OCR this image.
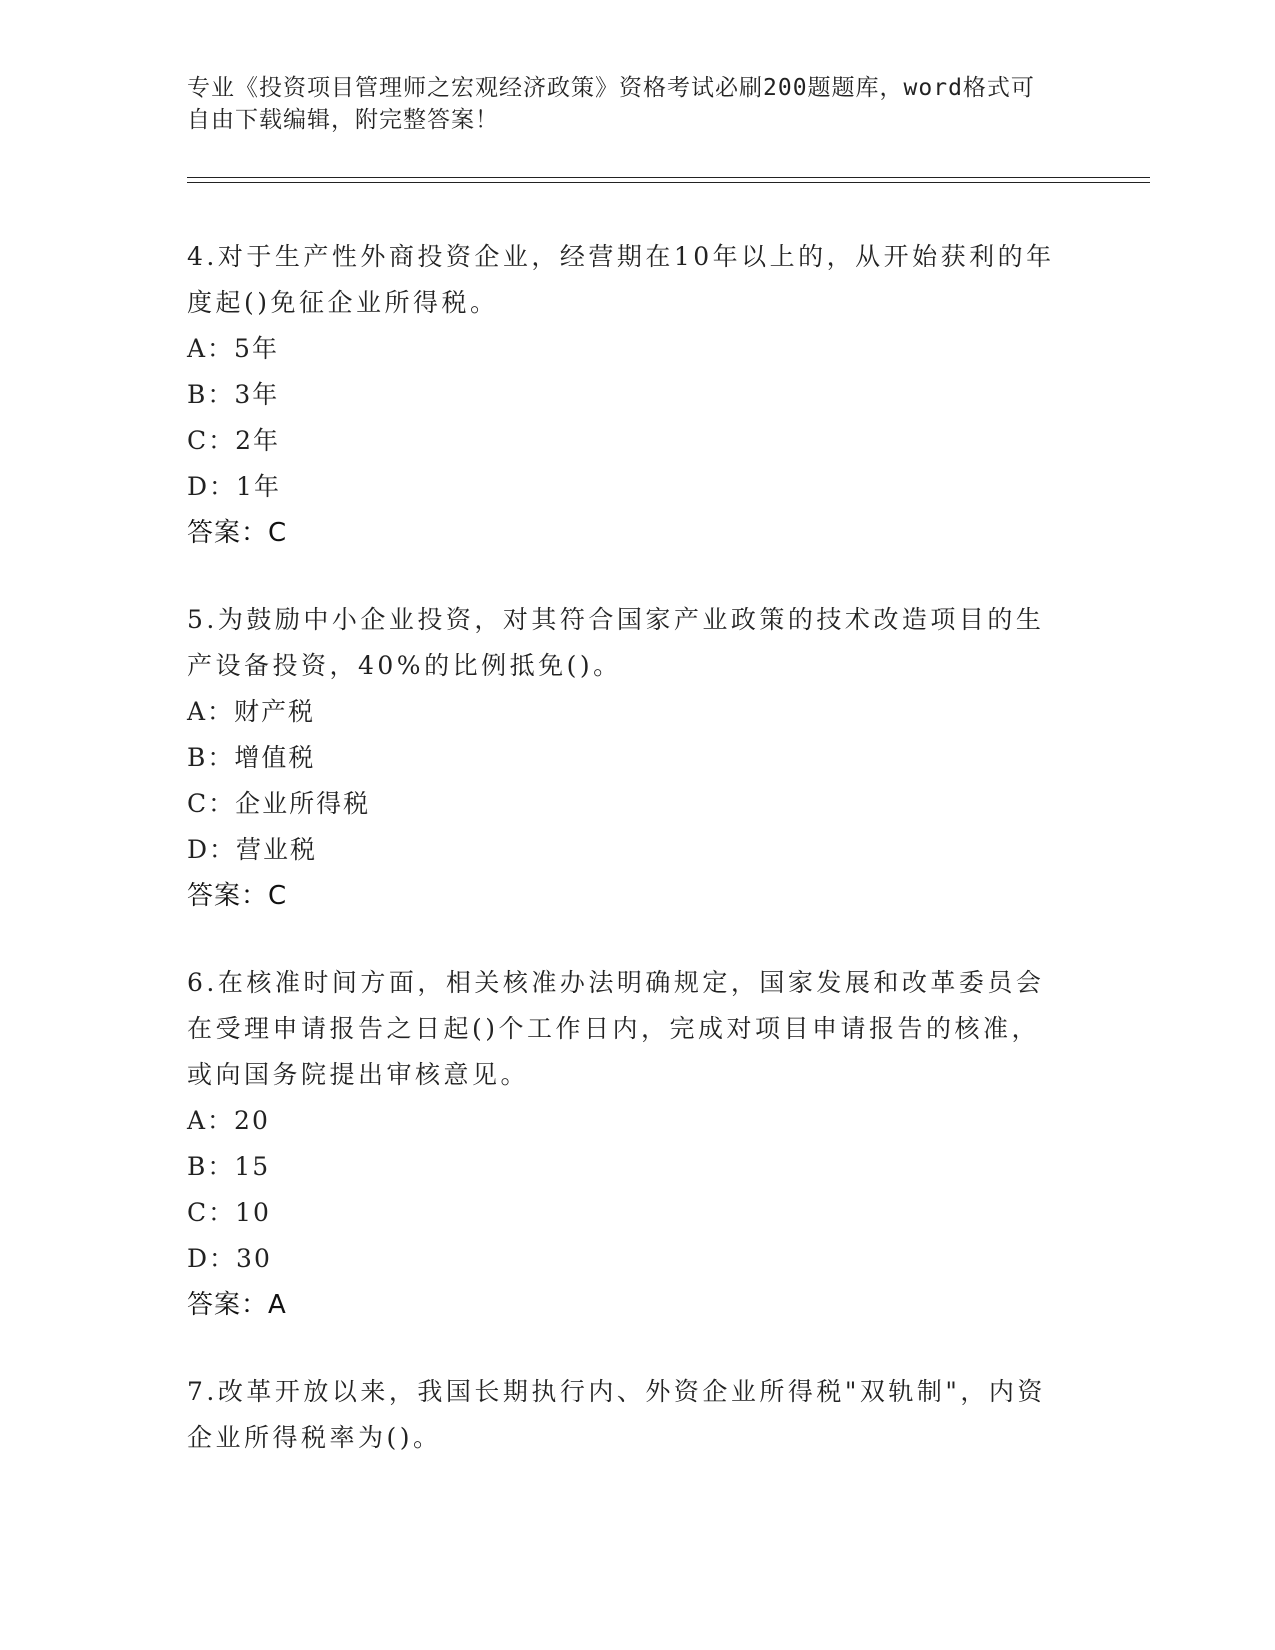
专业《投资项目管理师之宏观经济政策》资格考试必刷200题题库，word格式可
自由下载编辑，附完整答案！

4.对于生产性外商投资企业，经营期在10年以上的，从开始获利的年

度起()免征企业所得税。

A：5年

B：3年

C：2年

D：1年

答案：C

5.为鼓励中小企业投资，对其符合国家产业政策的技术改造项目的生

产设备投资，40%的比例抵免()。

A：财产税

B：增值税

C：企业所得税

D：营业税

答案：C

6.在核准时间方面，相关核准办法明确规定，国家发展和改革委员会

在受理申请报告之日起()个工作日内，完成对项目申请报告的核准，

或向国务院提出审核意见。

A：20

B：15

C：10

D：30

答案：A

7.改革开放以来，我国长期执行内、外资企业所得税"双轨制"，内资

企业所得税率为()。
